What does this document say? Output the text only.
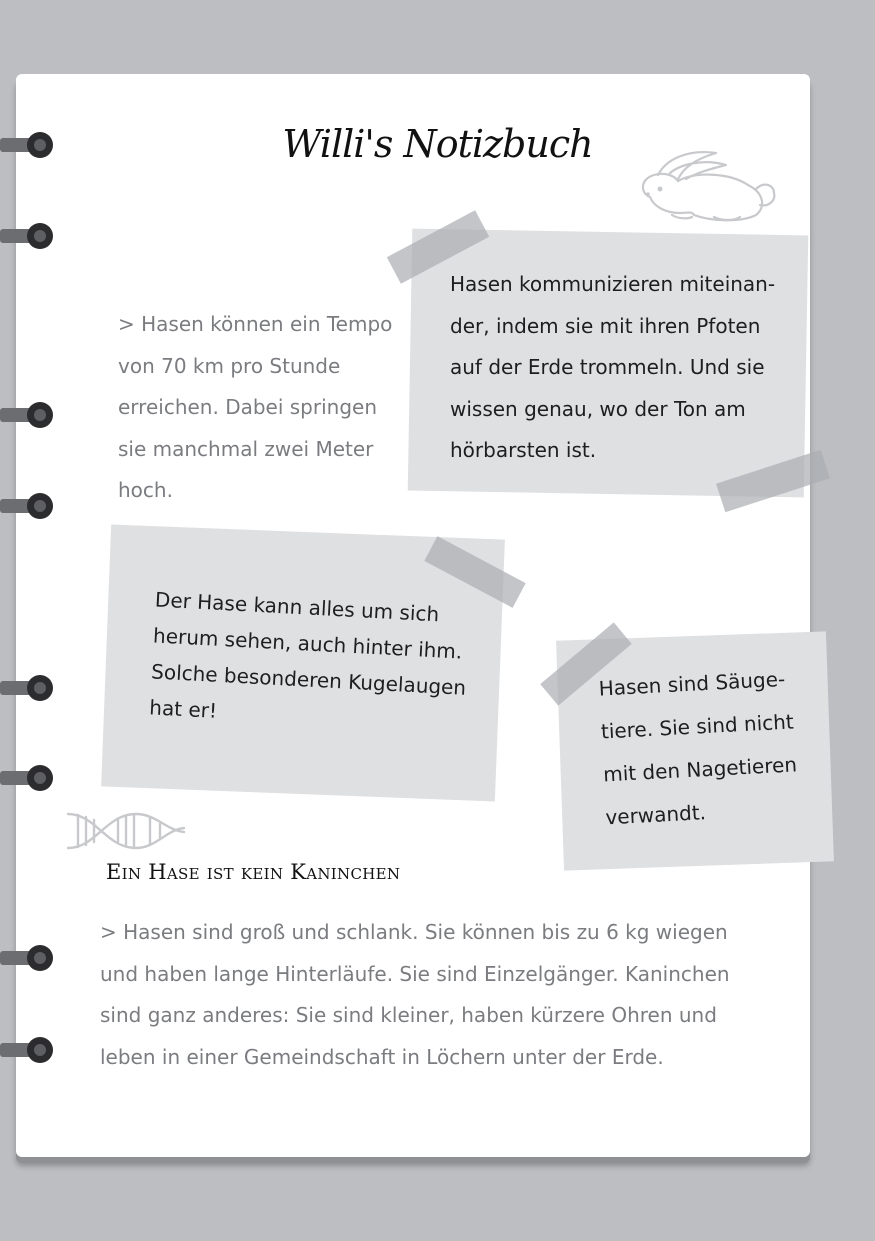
Willi's Notizbuch

> Hasen können ein Tempo
von 70 km pro Stunde
erreichen. Dabei springen
sie manchmal zwei Meter
hoch.

Hasen kommunizieren miteinan-
der, indem sie mit ihren Pfoten
auf der Erde trommeln. Und sie
wissen genau, wo der Ton am
hörbarsten ist.

Der Hase kann alles um sich
herum sehen, auch hinter ihm.
Solche besonderen Kugelaugen
hat er!

Hasen sind Säuge-
tiere. Sie sind nicht
mit den Nagetieren
verwandt.

Ein Hase ist kein Kaninchen

> Hasen sind groß und schlank. Sie können bis zu 6 kg wiegen
und haben lange Hinterläufe. Sie sind Einzelgänger. Kaninchen
sind ganz anderes: Sie sind kleiner, haben kürzere Ohren und
leben in einer Gemeindschaft in Löchern unter der Erde.
